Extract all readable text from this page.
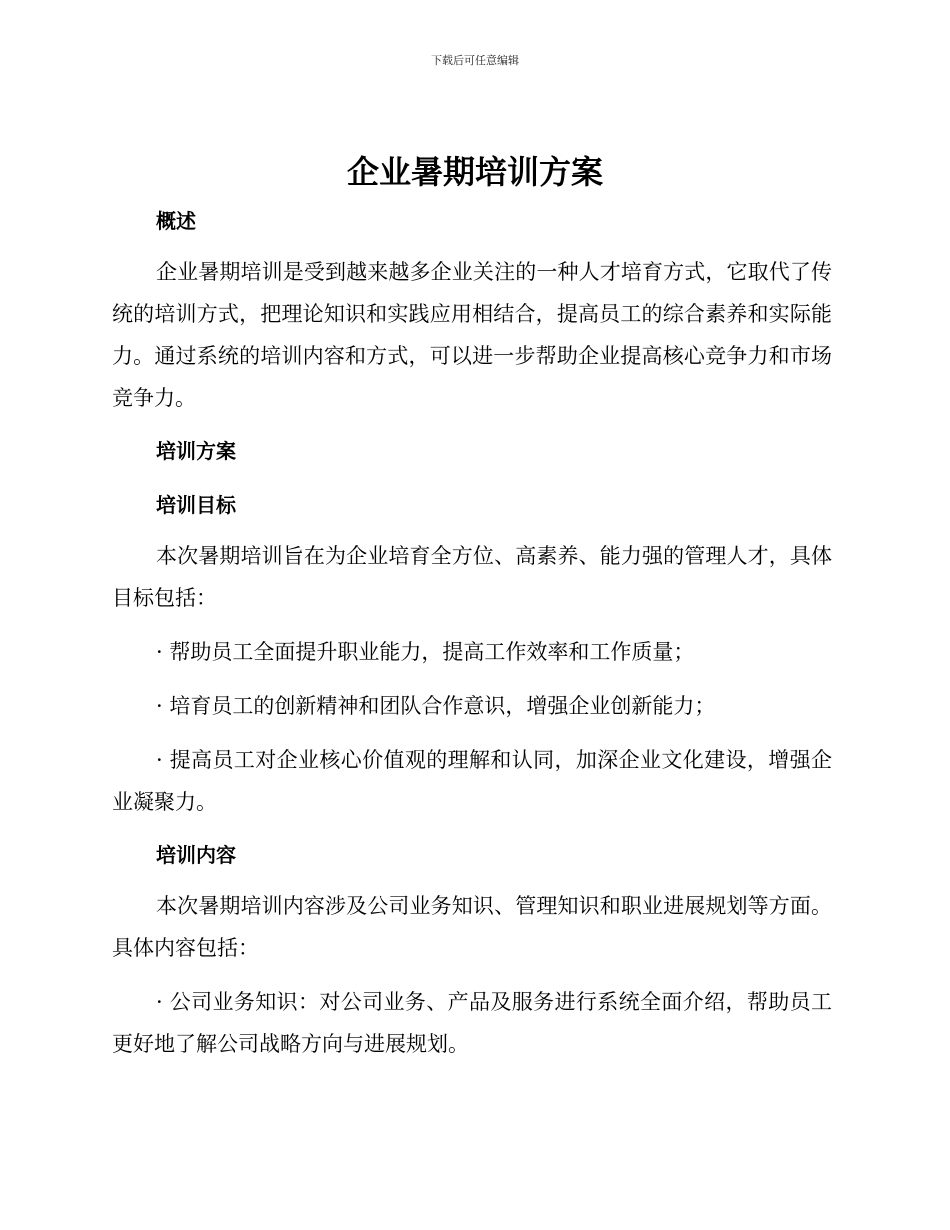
下载后可任意编辑
企业暑期培训方案
概述

企业暑期培训是受到越来越多企业关注的一种人才培育方式，它取代了传统的培训方式，把理论知识和实践应用相结合，提高员工的综合素养和实际能力。通过系统的培训内容和方式，可以进一步帮助企业提高核心竞争力和市场竞争力。

培训方案
培训目标

本次暑期培训旨在为企业培育全方位、高素养、能力强的管理人才，具体目标包括：

· 帮助员工全面提升职业能力，提高工作效率和工作质量；

· 培育员工的创新精神和团队合作意识，增强企业创新能力；

· 提高员工对企业核心价值观的理解和认同，加深企业文化建设，增强企业凝聚力。

培训内容

本次暑期培训内容涉及公司业务知识、管理知识和职业进展规划等方面。具体内容包括：

· 公司业务知识：对公司业务、产品及服务进行系统全面介绍，帮助员工更好地了解公司战略方向与进展规划。
